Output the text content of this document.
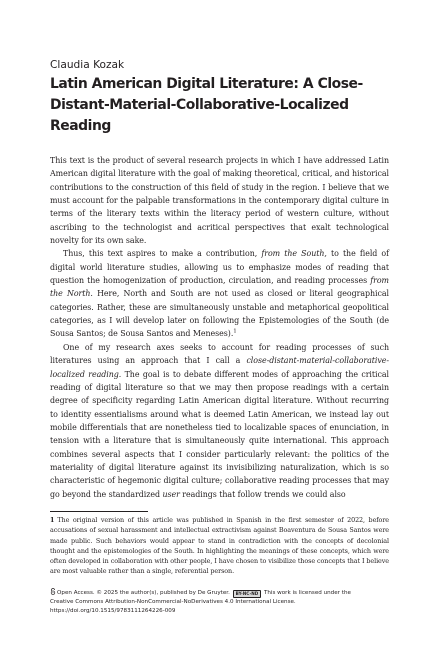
Claudia Kozak
Latin American Digital Literature: A Close-Distant-Material-Collaborative-Localized Reading

This text is the product of several research projects in which I have addressed Latin American digital literature with the goal of making theoretical, critical, and historical contributions to the construction of this field of study in the region. I believe that we must account for the palpable transformations in the contemporary digital culture in terms of the literary texts within the literacy period of western culture, without ascribing to the technologist and acritical perspectives that exalt technological novelty for its own sake.

Thus, this text aspires to make a contribution, from the South, to the field of digital world literature studies, allowing us to emphasize modes of reading that question the homogenization of production, circulation, and reading processes from the North. Here, North and South are not used as closed or literal geographical categories. Rather, these are simultaneously unstable and metaphorical geopolitical categories, as I will develop later on following the Epistemologies of the South (de Sousa Santos; de Sousa Santos and Meneses).$^1$

One of my research axes seeks to account for reading processes of such literatures using an approach that I call a close-distant-material-collaborative-localized reading. The goal is to debate different modes of approaching the critical reading of digital literature so that we may then propose readings with a certain degree of specificity regarding Latin American digital literature. Without recurring to identity essentialisms around what is deemed Latin American, we instead lay out mobile differentials that are nonetheless tied to localizable spaces of enunciation, in tension with a literature that is simultaneously quite international. This approach combines several aspects that I consider particularly relevant: the politics of the materiality of digital literature against its invisibilizing naturalization, which is so characteristic of hegemonic digital culture; collaborative reading processes that may go beyond the standardized user readings that follow trends we could also

1 The original version of this article was published in Spanish in the first semester of 2022, before accusations of sexual harassment and intellectual extractivism against Boaventura de Sousa Santos were made public. Such behaviors would appear to stand in contradiction with the concepts of decolonial thought and the epistemologies of the South. In highlighting the meanings of these concepts, which were often developed in collaboration with other people, I have chosen to visibilize those concepts that I believe are most valuable rather than a single, referential person.

Open Access. © 2025 the author(s), published by De Gruyter. BY-NC-ND This work is licensed under the
Creative Commons Attribution-NonCommercial-NoDerivatives 4.0 International License.
https://doi.org/10.1515/9783111264226-009
